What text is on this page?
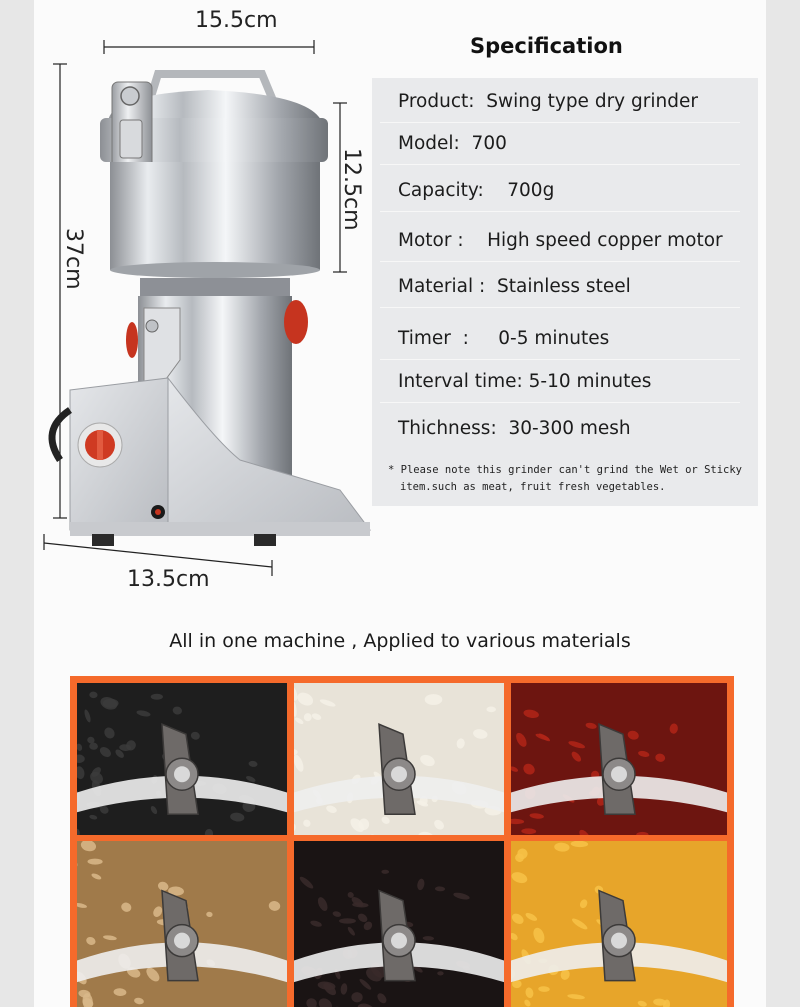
15.5cm
13.5cm
37cm
12.5cm
Specification
Product: Swing type dry grinder
Model: 700
Capacity: 700g
Motor : High speed copper motor
Material : Stainless steel
Timer  : 0-5 minutes
Interval time: 5-10 minutes
Thichness: 30-300 mesh
* Please note this grinder can't grind the Wet or Sticky
item.such as meat, fruit fresh vegetables.
All in one machine , Applied to various materials
